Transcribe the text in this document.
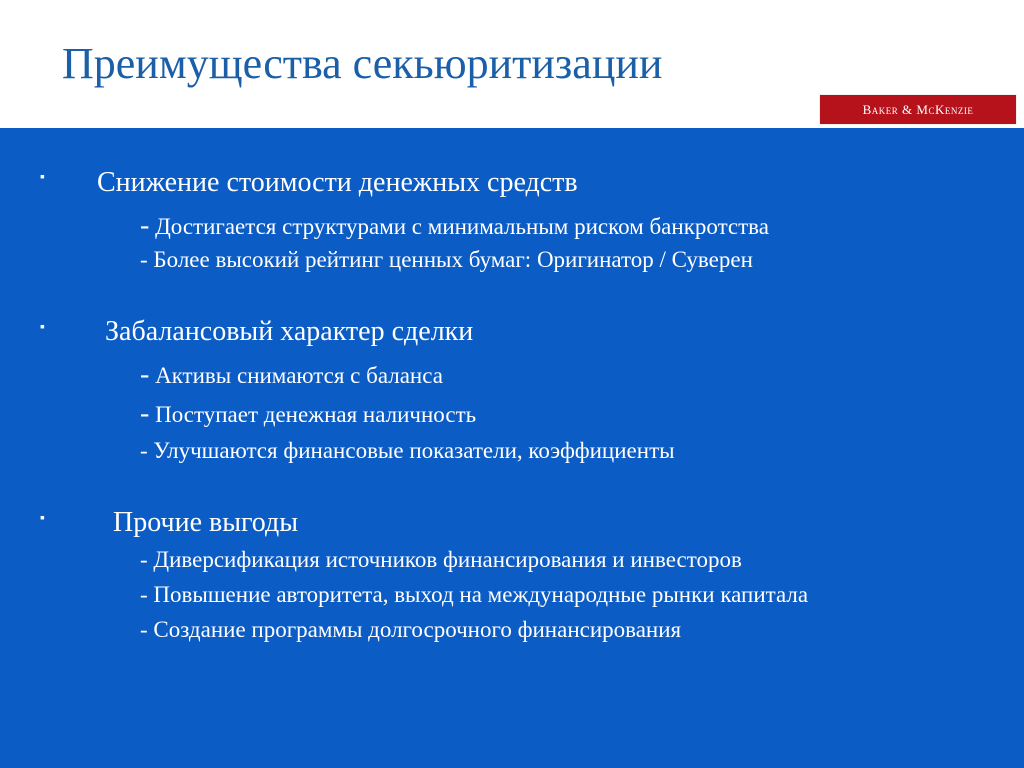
Преимущества секьюритизации
Baker & McKenzie
▪ Снижение стоимости денежных средств
- Достигается структурами с минимальным риском банкротства
- Более высокий рейтинг ценных бумаг: Оригинатор / Суверен
▪ Забалансовый характер сделки
- Активы снимаются с баланса
- Поступает денежная наличность
- Улучшаются финансовые показатели, коэффициенты
▪ Прочие выгоды
- Диверсификация источников финансирования и инвесторов
- Повышение авторитета, выход на международные рынки капитала
- Создание программы долгосрочного финансирования
